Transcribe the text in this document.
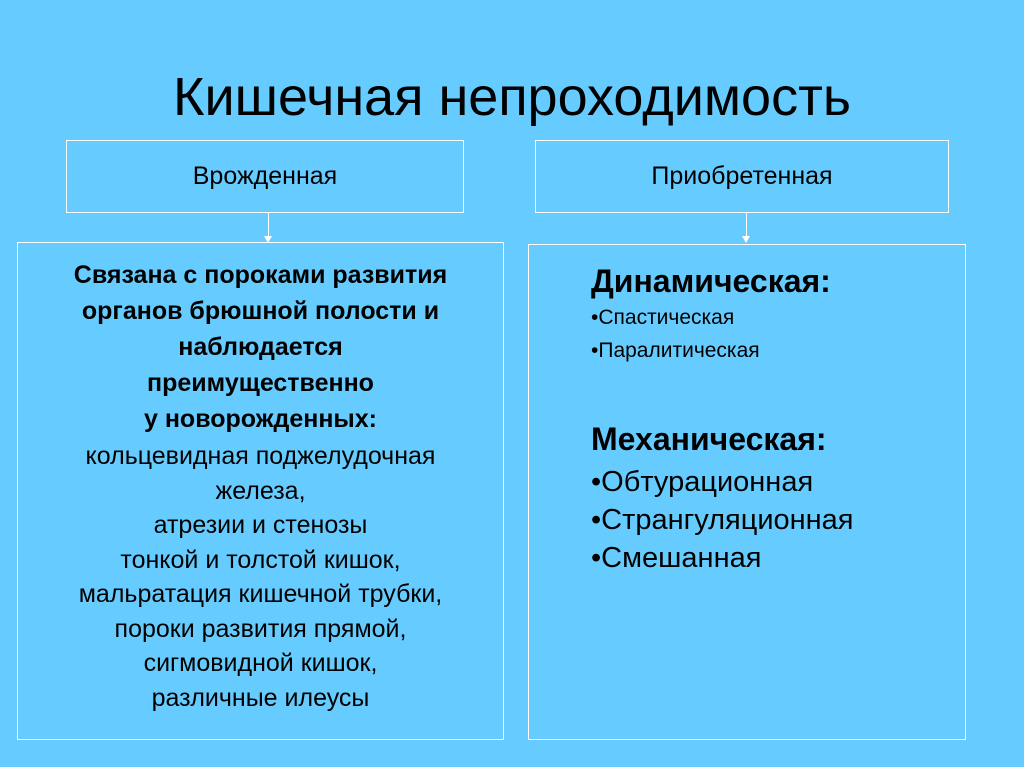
Кишечная непроходимость
Врожденная	Приобретенная

Связана с пороками развития

органов брюшной полости и

наблюдается

преимущественно

у новорожденных:

кольцевидная поджелудочная

железа,

атрезии и стенозы

тонкой и толстой кишок,

мальратация кишечной трубки,

пороки развития прямой,

сигмовидной кишок,

различные илеусы

Динамическая:

•Спастическая

•Паралитическая

Механическая:

•Обтурационная

•Странгуляционная

•Смешанная
